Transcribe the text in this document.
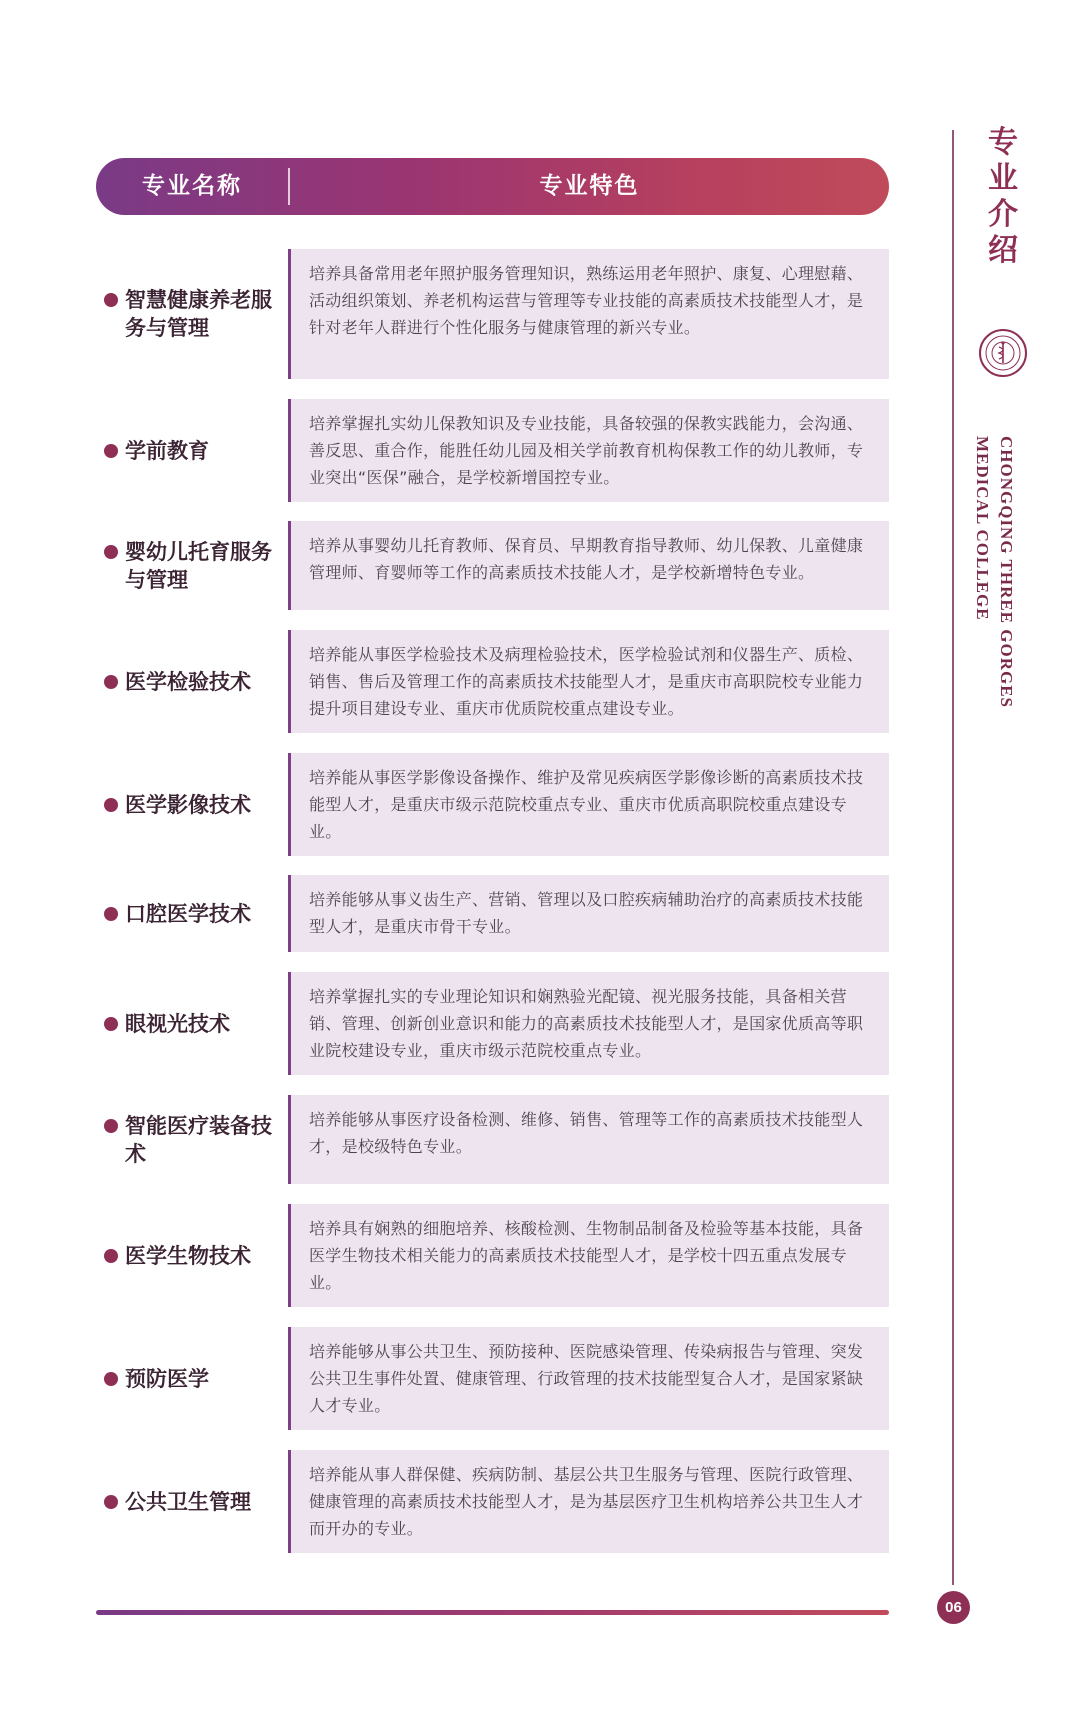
专业名称	专业特色
智慧健康养老服务与管理
培养具备常用老年照护服务管理知识，熟练运用老年照护、康复、心理慰藉、活动组织策划、养老机构运营与管理等专业技能的高素质技术技能型人才，是针对老年人群进行个性化服务与健康管理的新兴专业。
学前教育
培养掌握扎实幼儿保教知识及专业技能，具备较强的保教实践能力，会沟通、善反思、重合作，能胜任幼儿园及相关学前教育机构保教工作的幼儿教师，专业突出“医保”融合，是学校新增国控专业。
婴幼儿托育服务与管理
培养从事婴幼儿托育教师、保育员、早期教育指导教师、幼儿保教、儿童健康管理师、育婴师等工作的高素质技术技能人才，是学校新增特色专业。
医学检验技术
培养能从事医学检验技术及病理检验技术，医学检验试剂和仪器生产、质检、销售、售后及管理工作的高素质技术技能型人才，是重庆市高职院校专业能力提升项目建设专业、重庆市优质院校重点建设专业。
医学影像技术
培养能从事医学影像设备操作、维护及常见疾病医学影像诊断的高素质技术技能型人才，是重庆市级示范院校重点专业、重庆市优质高职院校重点建设专业。
口腔医学技术
培养能够从事义齿生产、营销、管理以及口腔疾病辅助治疗的高素质技术技能型人才，是重庆市骨干专业。
眼视光技术
培养掌握扎实的专业理论知识和娴熟验光配镜、视光服务技能，具备相关营销、管理、创新创业意识和能力的高素质技术技能型人才，是国家优质高等职业院校建设专业，重庆市级示范院校重点专业。
智能医疗装备技术
培养能够从事医疗设备检测、维修、销售、管理等工作的高素质技术技能型人才，是校级特色专业。
医学生物技术
培养具有娴熟的细胞培养、核酸检测、生物制品制备及检验等基本技能，具备医学生物技术相关能力的高素质技术技能型人才，是学校十四五重点发展专业。
预防医学
培养能够从事公共卫生、预防接种、医院感染管理、传染病报告与管理、突发公共卫生事件处置、健康管理、行政管理的技术技能型复合人才，是国家紧缺人才专业。
公共卫生管理
培养能从事人群保健、疾病防制、基层公共卫生服务与管理、医院行政管理、健康管理的高素质技术技能型人才，是为基层医疗卫生机构培养公共卫生人才而开办的专业。
专
业
介
绍
CHONGQING THREE GORGES
MEDICAL COLLEGE
06
